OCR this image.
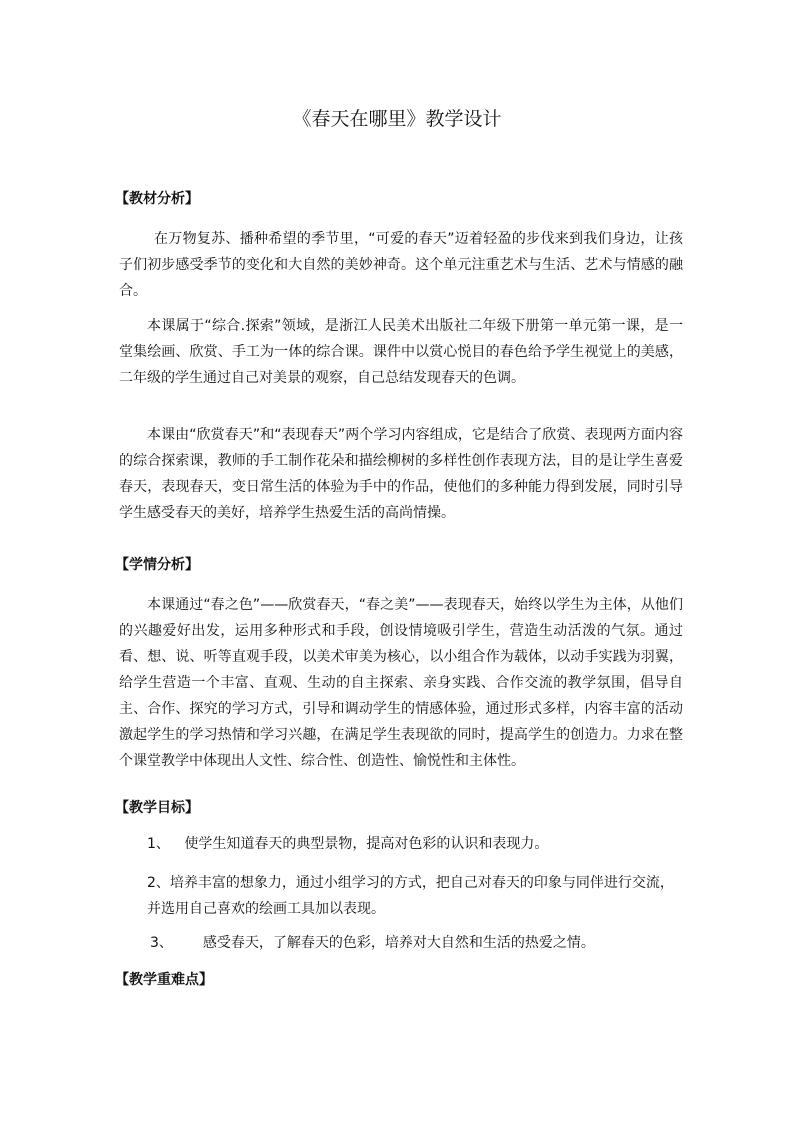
《春天在哪里》教学设计
【教材分析】
在万物复苏、播种希望的季节里，“可爱的春天”迈着轻盈的步伐来到我们身边，让孩子们初步感受季节的变化和大自然的美妙神奇。这个单元注重艺术与生活、艺术与情感的融合。
本课属于“综合.探索”领域，是浙江人民美术出版社二年级下册第一单元第一课，是一堂集绘画、欣赏、手工为一体的综合课。课件中以赏心悦目的春色给予学生视觉上的美感，二年级的学生通过自己对美景的观察，自己总结发现春天的色调。
本课由“欣赏春天”和“表现春天”两个学习内容组成，它是结合了欣赏、表现两方面内容的综合探索课，教师的手工制作花朵和描绘柳树的多样性创作表现方法，目的是让学生喜爱春天，表现春天，变日常生活的体验为手中的作品，使他们的多种能力得到发展，同时引导学生感受春天的美好，培养学生热爱生活的高尚情操。
【学情分析】
本课通过“春之色”——欣赏春天，“春之美”——表现春天，始终以学生为主体，从他们的兴趣爱好出发，运用多种形式和手段，创设情境吸引学生，营造生动活泼的气氛。通过看、想、说、听等直观手段，以美术审美为核心，以小组合作为载体，以动手实践为羽翼，给学生营造一个丰富、直观、生动的自主探索、亲身实践、合作交流的教学氛围，倡导自主、合作、探究的学习方式，引导和调动学生的情感体验，通过形式多样，内容丰富的活动激起学生的学习热情和学习兴趣，在满足学生表现欲的同时，提高学生的创造力。力求在整个课堂教学中体现出人文性、综合性、创造性、愉悦性和主体性。
【教学目标】
1、 使学生知道春天的典型景物，提高对色彩的认识和表现力。
2、培养丰富的想象力，通过小组学习的方式，把自己对春天的印象与同伴进行交流，并选用自己喜欢的绘画工具加以表现。
3、 感受春天，了解春天的色彩，培养对大自然和生活的热爱之情。
【教学重难点】
